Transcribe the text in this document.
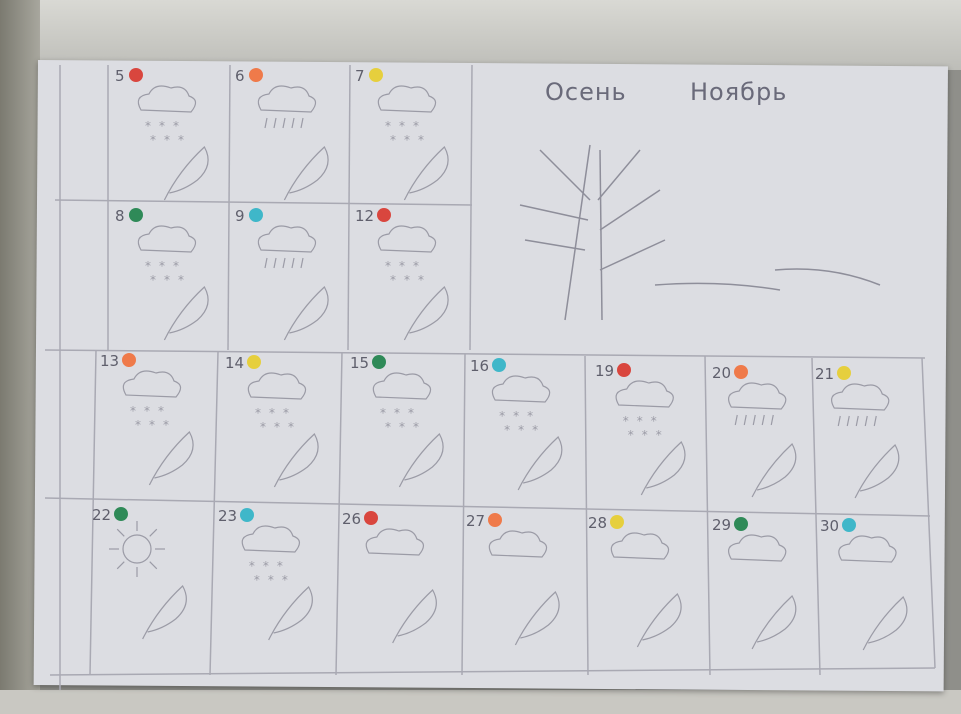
* * *
* * *
* * *
* * *
* * *
* * *
* * *
* * *
* * *
* * *
* * *
* * *
* * *
* * *
* * *
* * *
* * *
* * *
* * *
* * *
Осень	Ноябрь
5	6	7
8	9	12
13	14	15	16	19	20	21
22	23	26	27	28	29	30
